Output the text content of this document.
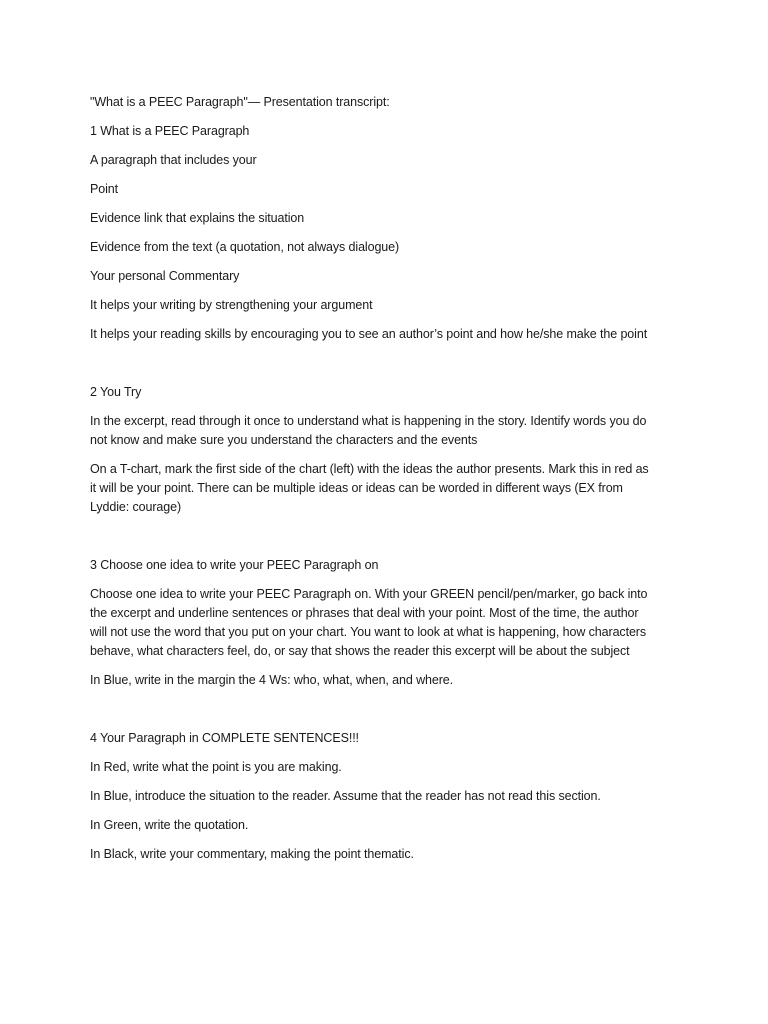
"What is a PEEC Paragraph"— Presentation transcript:
1 What is a PEEC Paragraph
A paragraph that includes your
Point
Evidence link that explains the situation
Evidence from the text (a quotation, not always dialogue)
Your personal Commentary
It helps your writing by strengthening your argument
It helps your reading skills by encouraging you to see an author’s point and how he/she make the point
2 You Try
In the excerpt, read through it once to understand what is happening in the story. Identify words you do
not know and make sure you understand the characters and the events
On a T-chart, mark the first side of the chart (left) with the ideas the author presents. Mark this in red as
it will be your point. There can be multiple ideas or ideas can be worded in different ways (EX from
Lyddie: courage)
3 Choose one idea to write your PEEC Paragraph on
Choose one idea to write your PEEC Paragraph on. With your GREEN pencil/pen/marker, go back into
the excerpt and underline sentences or phrases that deal with your point. Most of the time, the author
will not use the word that you put on your chart. You want to look at what is happening, how characters
behave, what characters feel, do, or say that shows the reader this excerpt will be about the subject
In Blue, write in the margin the 4 Ws: who, what, when, and where.
4 Your Paragraph in COMPLETE SENTENCES!!!
In Red, write what the point is you are making.
In Blue, introduce the situation to the reader. Assume that the reader has not read this section.
In Green, write the quotation.
In Black, write your commentary, making the point thematic.
